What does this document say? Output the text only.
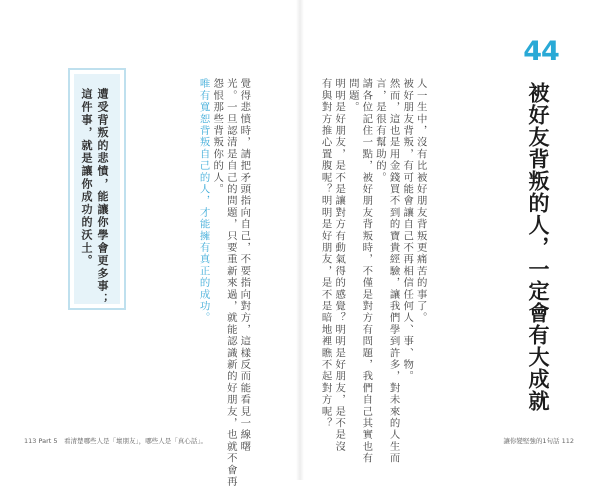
44
被好友背叛的人，一定會有大成就

人一生中，沒有比被好朋友背叛更痛苦的事了。

被好朋友背叛，有可能會讓自己不再相信任何人、事、物。

然而，這也是用金錢買不到的寶貴經驗，讓我們學到許多，對未來的人生而

言，是很有幫助的。

請各位記住一點，被好朋友背叛時，不僅是對方有問題，我們自己其實也有

問題。

明明是好朋友，是不是讓對方有動氣得的感覺？明明是好朋友，是不是沒

有與對方推心置腹呢？明明是好朋友，是不是暗地裡瞧不起對方呢？

覺得悲憤時，請把矛頭指向自己，不要指向對方，這樣反而能看見一線曙

光。一旦認清是自己的問題，只要重新來過，就能認識新的好朋友，也就不會再

怨恨那些背叛你的人。

唯有寬恕背叛自己的人，才能擁有真正的成功。

遭受背叛的悲憤，能讓你學會更多事；

這件事，就是讓你成功的沃土。

113 Part 5　看清楚哪些人是「壞朋友」，哪些人是「真心話」。	讓你變堅強的1句話 112
